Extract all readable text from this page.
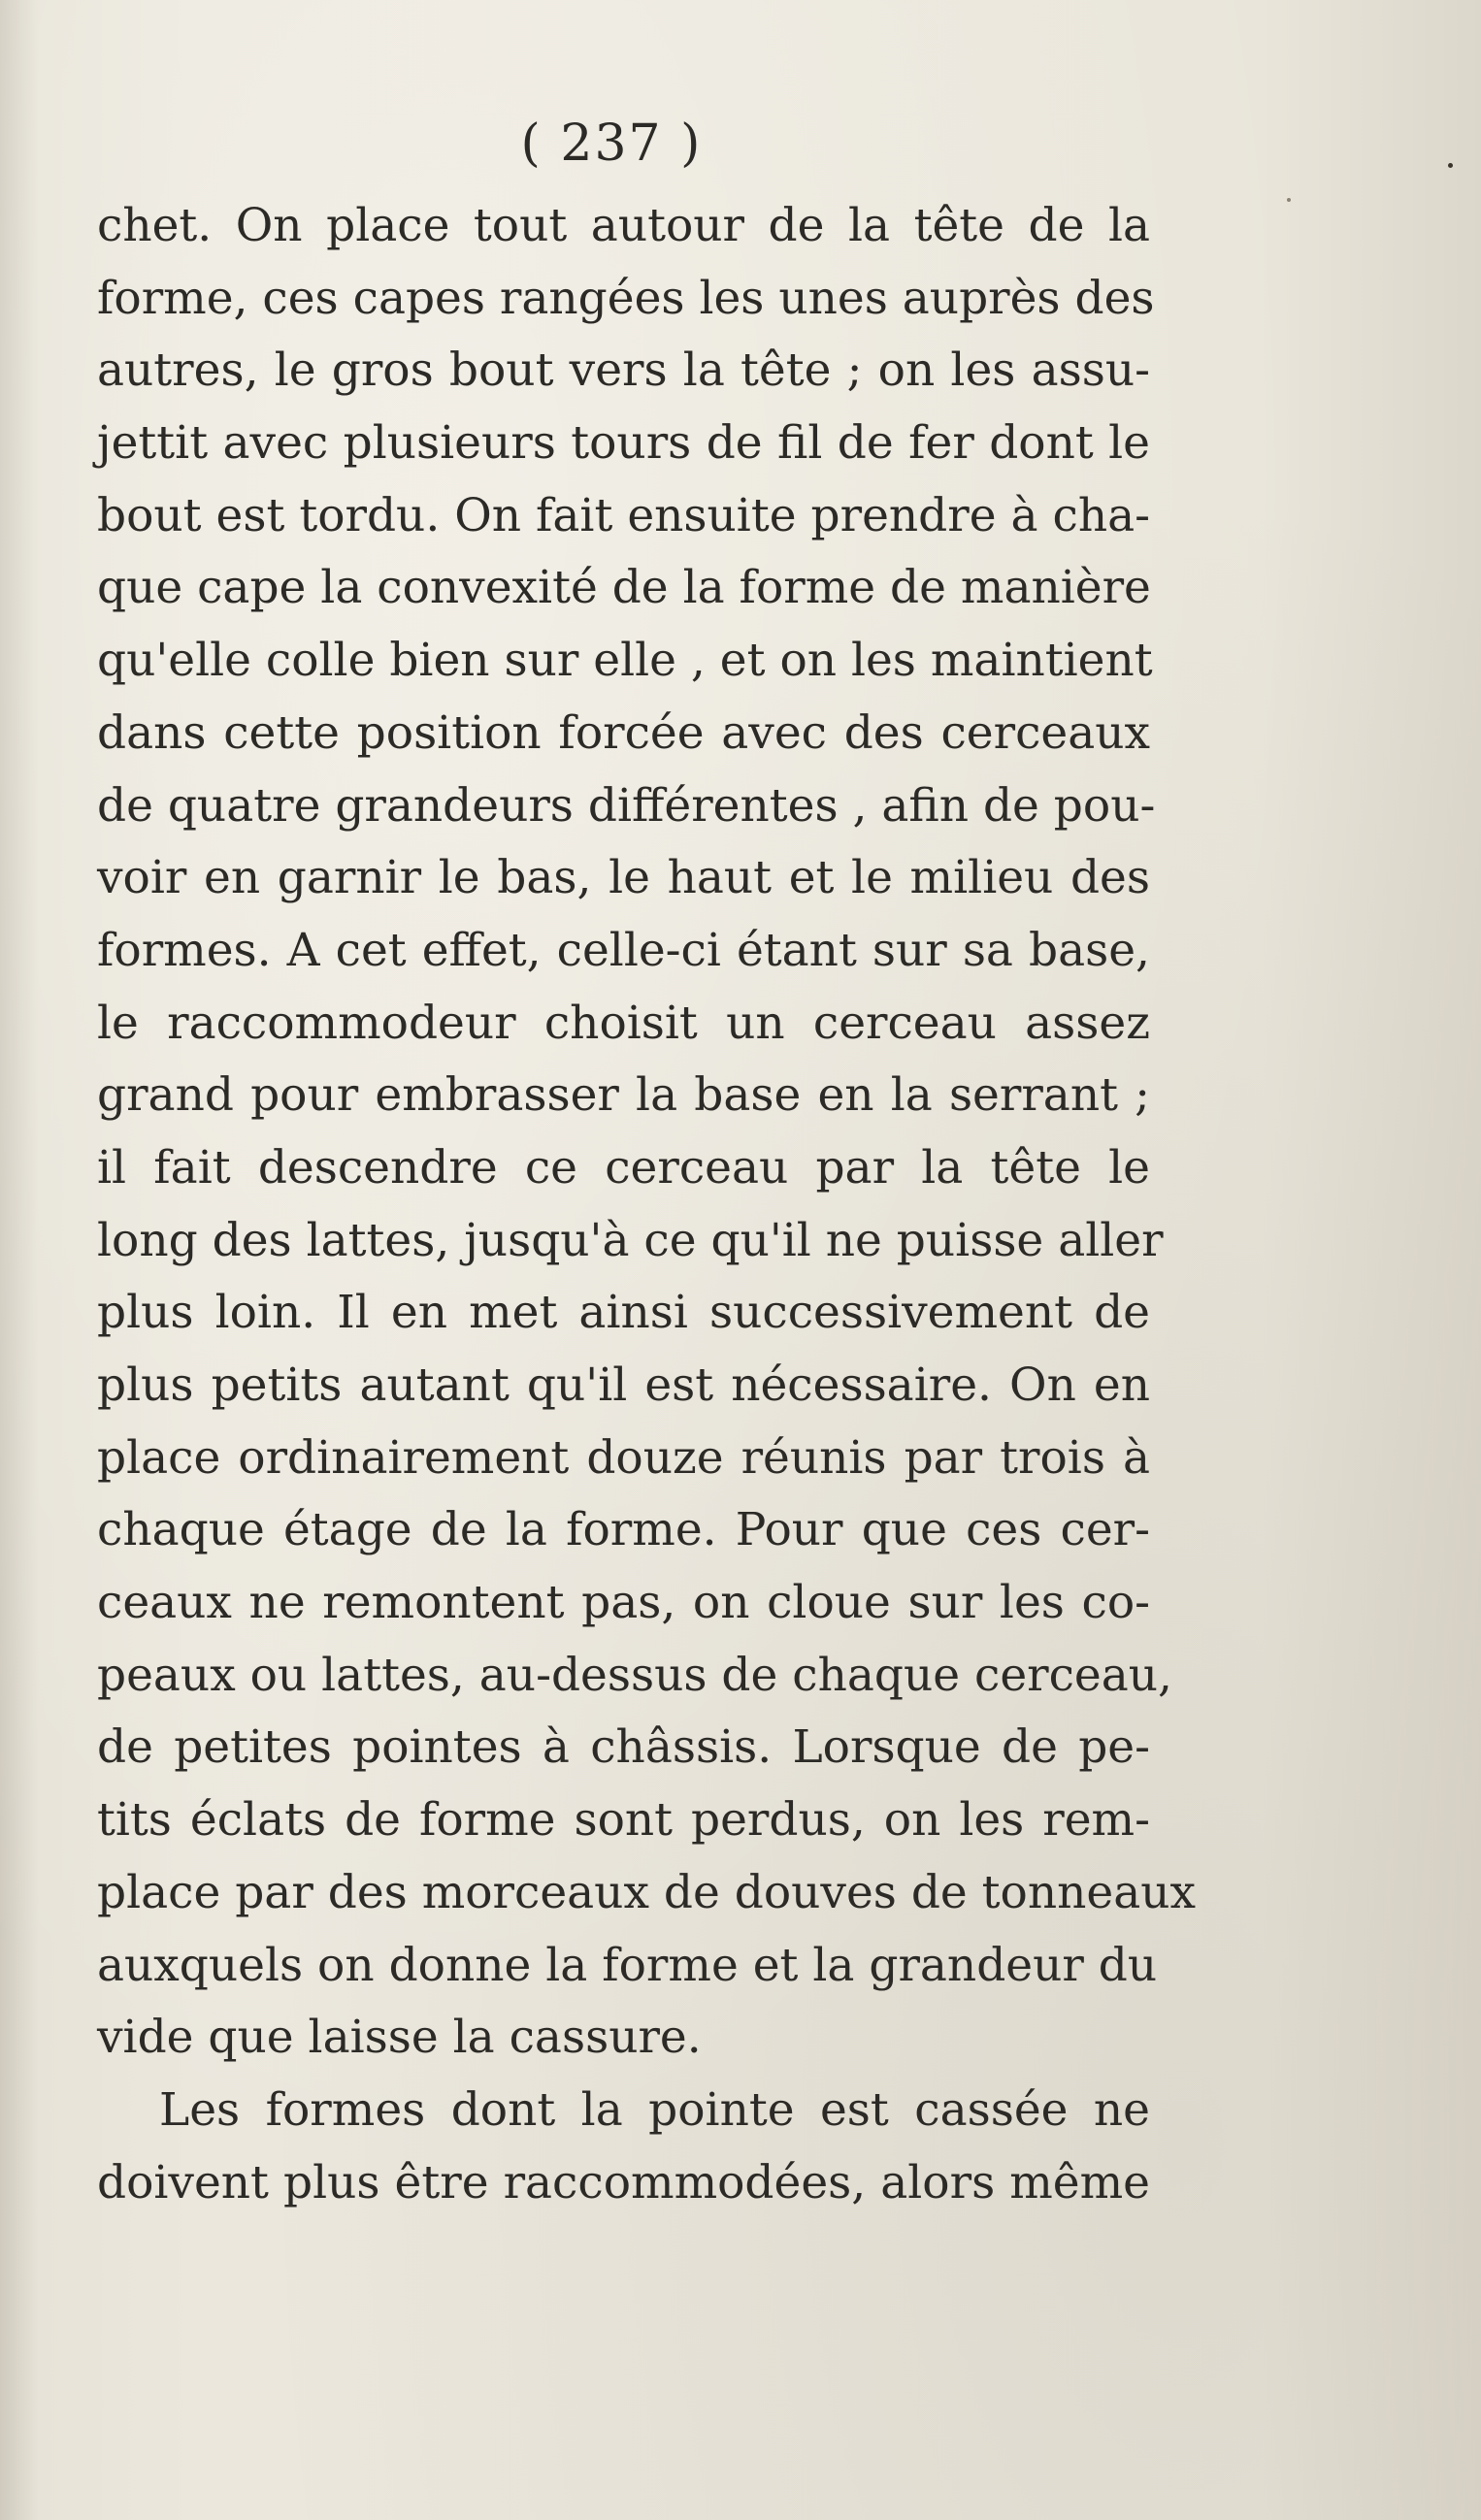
( 237 )
chet. On place tout autour de la tête de la
forme, ces capes rangées les unes auprès des
autres, le gros bout vers la tête ; on les assu-
jettit avec plusieurs tours de fil de fer dont le
bout est tordu. On fait ensuite prendre à cha-
que cape la convexité de la forme de manière
qu'elle colle bien sur elle , et on les maintient
dans cette position forcée avec des cerceaux
de quatre grandeurs différentes , afin de pou-
voir en garnir le bas, le haut et le milieu des
formes. A cet effet, celle-ci étant sur sa base,
le raccommodeur choisit un cerceau assez
grand pour embrasser la base en la serrant ;
il fait descendre ce cerceau par la tête le
long des lattes, jusqu'à ce qu'il ne puisse aller
plus loin. Il en met ainsi successivement de
plus petits autant qu'il est nécessaire. On en
place ordinairement douze réunis par trois à
chaque étage de la forme. Pour que ces cer-
ceaux ne remontent pas, on cloue sur les co-
peaux ou lattes, au-dessus de chaque cerceau,
de petites pointes à châssis. Lorsque de pe-
tits éclats de forme sont perdus, on les rem-
place par des morceaux de douves de tonneaux
auxquels on donne la forme et la grandeur du
vide que laisse la cassure.
Les formes dont la pointe est cassée ne
doivent plus être raccommodées, alors même
